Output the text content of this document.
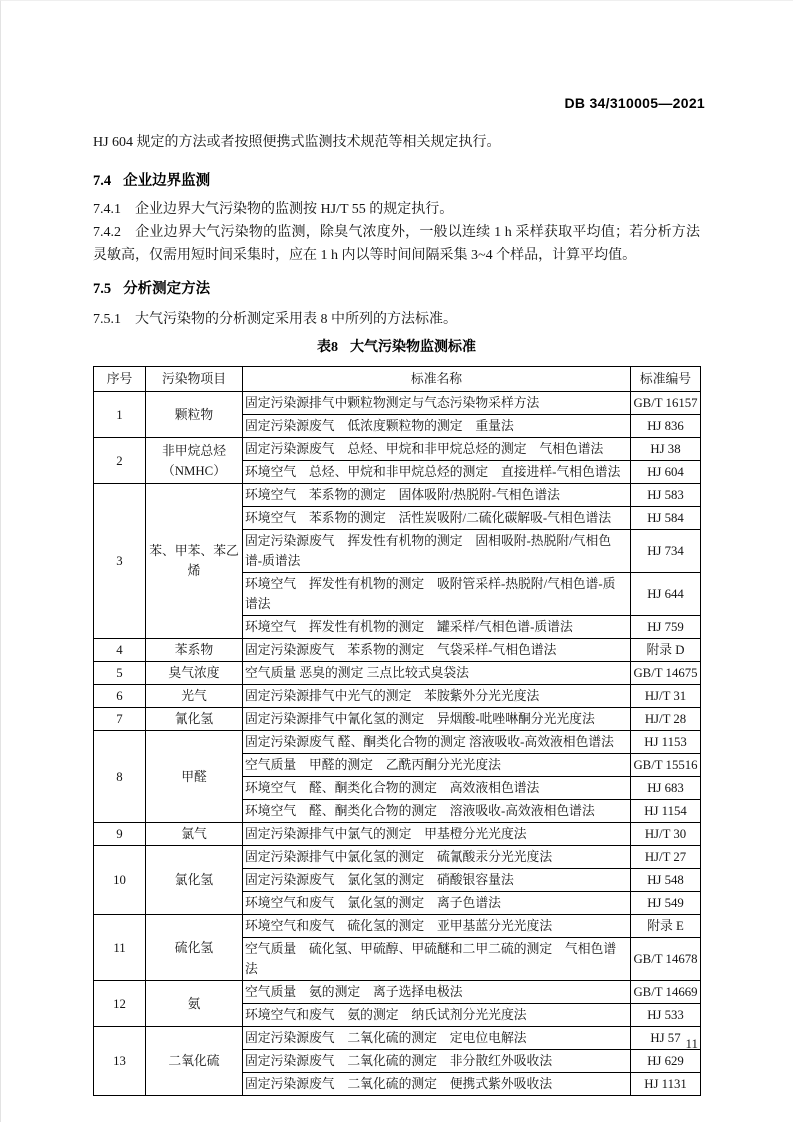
DB 34/310005—2021

HJ 604 规定的方法或者按照便携式监测技术规范等相关规定执行。

7.4 企业边界监测

7.4.1 企业边界大气污染物的监测按 HJ/T 55 的规定执行。

7.4.2 企业边界大气污染物的监测，除臭气浓度外，一般以连续 1 h 采样获取平均值；若分析方法灵敏高，仅需用短时间采集时，应在 1 h 内以等时间间隔采集 3~4 个样品，计算平均值。

7.5 分析测定方法

7.5.1 大气污染物的分析测定采用表 8 中所列的方法标准。

表8 大气污染物监测标准

序号	污染物项目	标准名称	标准编号
1	颗粒物	固定污染源排气中颗粒物测定与气态污染物采样方法	GB/T 16157
		固定污染源废气　低浓度颗粒物的测定　重量法	HJ 836
2	非甲烷总烃（NMHC）	固定污染源废气　总烃、甲烷和非甲烷总烃的测定　气相色谱法	HJ 38
		环境空气　总烃、甲烷和非甲烷总烃的测定　直接进样-气相色谱法	HJ 604
3	苯、甲苯、苯乙烯	环境空气　苯系物的测定　固体吸附/热脱附-气相色谱法	HJ 583
		环境空气　苯系物的测定　活性炭吸附/二硫化碳解吸-气相色谱法	HJ 584
		固定污染源废气　挥发性有机物的测定　固相吸附-热脱附/气相色谱-质谱法	HJ 734
		环境空气　挥发性有机物的测定　吸附管采样-热脱附/气相色谱-质谱法	HJ 644
		环境空气　挥发性有机物的测定　罐采样/气相色谱-质谱法	HJ 759
4	苯系物	固定污染源废气　苯系物的测定　气袋采样-气相色谱法	附录 D
5	臭气浓度	空气质量 恶臭的测定 三点比较式臭袋法	GB/T 14675
6	光气	固定污染源排气中光气的测定　苯胺紫外分光光度法	HJ/T 31
7	氰化氢	固定污染源排气中氰化氢的测定　异烟酸-吡唑啉酮分光光度法	HJ/T 28
8	甲醛	固定污染源废气 醛、酮类化合物的测定 溶液吸收-高效液相色谱法	HJ 1153
		空气质量　甲醛的测定　乙酰丙酮分光光度法	GB/T 15516
		环境空气　醛、酮类化合物的测定　高效液相色谱法	HJ 683
		环境空气　醛、酮类化合物的测定　溶液吸收-高效液相色谱法	HJ 1154
9	氯气	固定污染源排气中氯气的测定　甲基橙分光光度法	HJ/T 30
10	氯化氢	固定污染源排气中氯化氢的测定　硫氰酸汞分光光度法	HJ/T 27
		固定污染源废气　氯化氢的测定　硝酸银容量法	HJ 548
		环境空气和废气　氯化氢的测定　离子色谱法	HJ 549
11	硫化氢	环境空气和废气　硫化氢的测定　亚甲基蓝分光光度法	附录 E
		空气质量　硫化氢、甲硫醇、甲硫醚和二甲二硫的测定　气相色谱法	GB/T 14678
12	氨	空气质量　氨的测定　离子选择电极法	GB/T 14669
		环境空气和废气　氨的测定　纳氏试剂分光光度法	HJ 533
13	二氧化硫	固定污染源废气　二氧化硫的测定　定电位电解法	HJ 57
		固定污染源废气　二氧化硫的测定　非分散红外吸收法	HJ 629
		固定污染源废气　二氧化硫的测定　便携式紫外吸收法	HJ 1131
11
